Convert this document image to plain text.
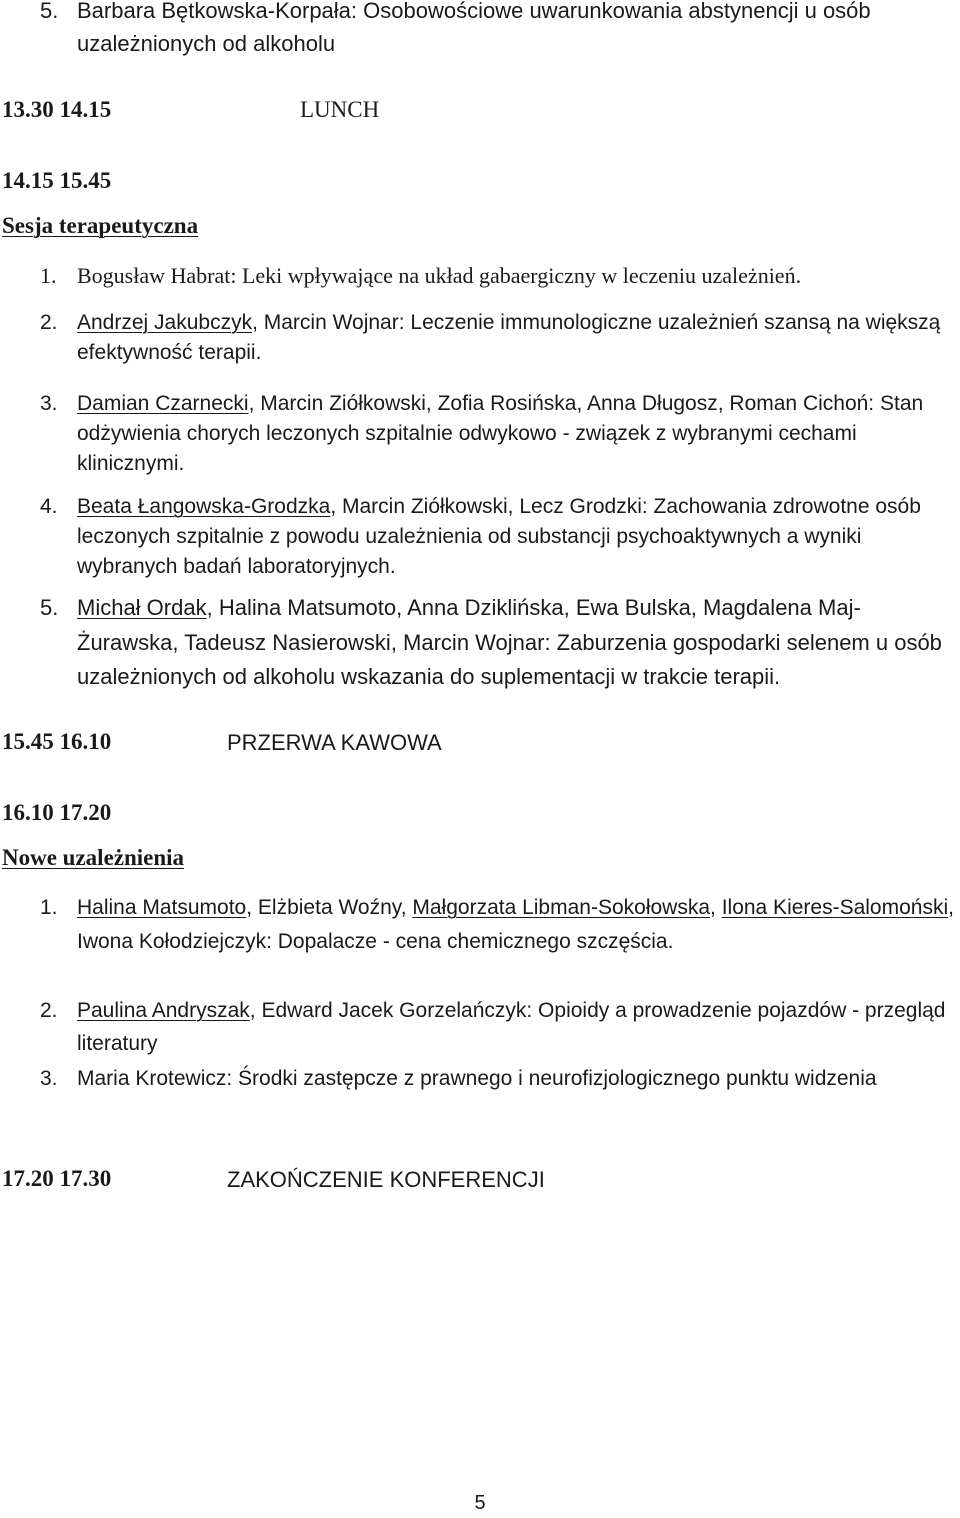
5. Barbara Bętkowska-Korpała: Osobowościowe uwarunkowania abstynencji u osób uzależnionych od alkoholu
13.30 14.15	LUNCH
14.15 15.45
Sesja terapeutyczna
1. Bogusław Habrat: Leki wpływające na układ gabaergiczny w leczeniu uzależnień.
2. Andrzej Jakubczyk, Marcin Wojnar: Leczenie immunologiczne uzależnień szansą na większą efektywność terapii.
3. Damian Czarnecki, Marcin Ziółkowski, Zofia Rosińska, Anna Długosz, Roman Cichoń: Stan odżywienia chorych leczonych szpitalnie odwykowo - związek z wybranymi cechami klinicznymi.
4. Beata Łangowska-Grodzka, Marcin Ziółkowski, Lecz Grodzki: Zachowania zdrowotne osób leczonych szpitalnie z powodu uzależnienia od substancji psychoaktywnych a wyniki wybranych badań laboratoryjnych.
5. Michał Ordak, Halina Matsumoto, Anna Dziklińska, Ewa Bulska, Magdalena Maj-Żurawska, Tadeusz Nasierowski, Marcin Wojnar: Zaburzenia gospodarki selenem u osób uzależnionych od alkoholu wskazania do suplementacji w trakcie terapii.
15.45 16.10	PRZERWA KAWOWA
16.10 17.20
Nowe uzależnienia
1. Halina Matsumoto, Elżbieta Woźny, Małgorzata Libman-Sokołowska, Ilona Kieres-Salomoński, Iwona Kołodziejczyk: Dopalacze - cena chemicznego szczęścia.
2. Paulina Andryszak, Edward Jacek Gorzelańczyk: Opioidy a prowadzenie pojazdów - przegląd literatury
3. Maria Krotewicz: Środki zastępcze z prawnego i neurofizjologicznego punktu widzenia
17.20 17.30	ZAKOŃCZENIE KONFERENCJI
5
